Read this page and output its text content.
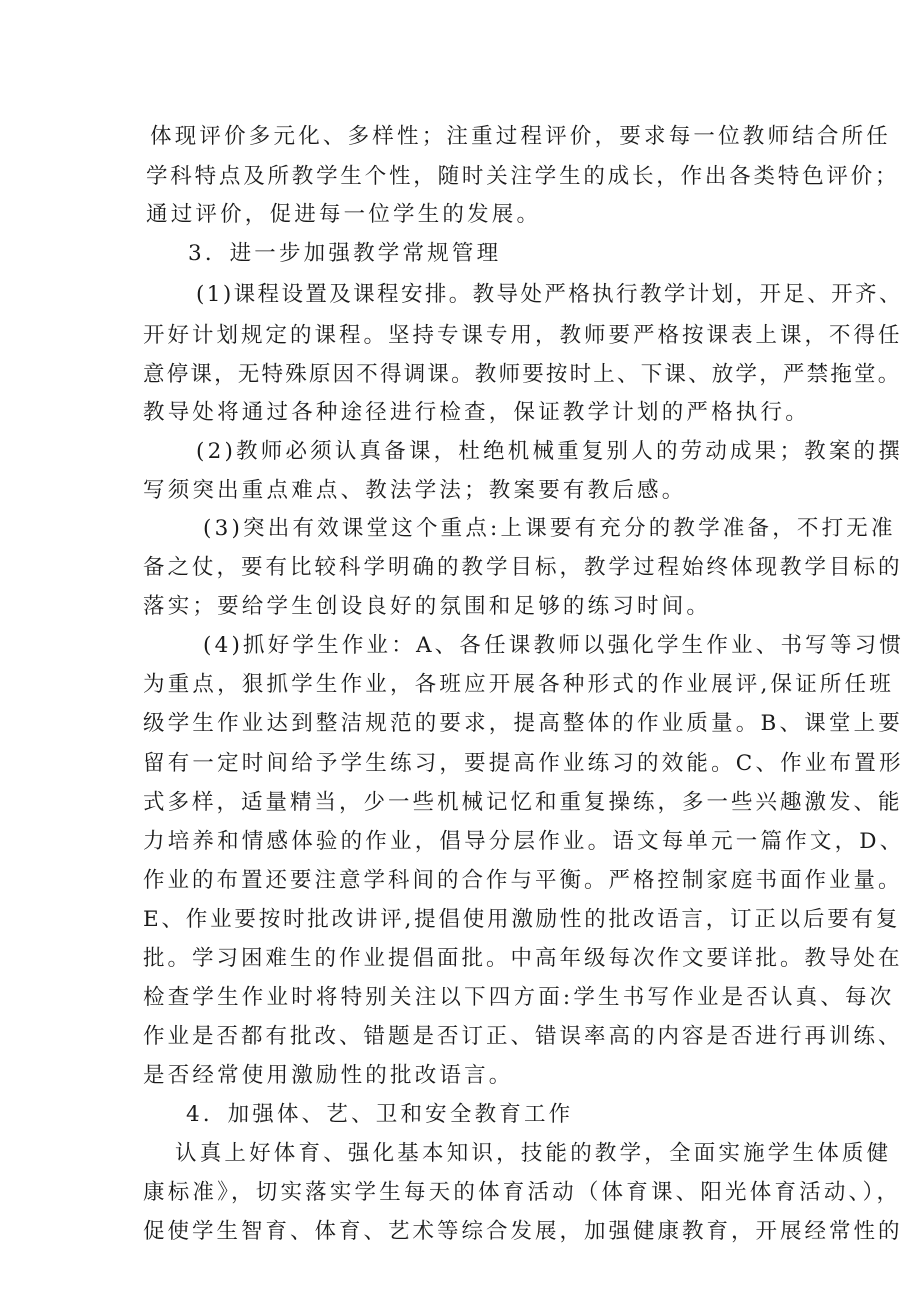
体现评价多元化、多样性；注重过程评价，要求每一位教师结合所任
学科特点及所教学生个性，随时关注学生的成长，作出各类特色评价；
通过评价，促进每一位学生的发展。
3．进一步加强教学常规管理
(1)课程设置及课程安排。教导处严格执行教学计划，开足、开齐、
开好计划规定的课程。坚持专课专用，教师要严格按课表上课，不得任
意停课，无特殊原因不得调课。教师要按时上、下课、放学，严禁拖堂。
教导处将通过各种途径进行检查，保证教学计划的严格执行。
(2)教师必须认真备课，杜绝机械重复别人的劳动成果；教案的撰
写须突出重点难点、教法学法；教案要有教后感。
(3)突出有效课堂这个重点:上课要有充分的教学准备，不打无准
备之仗，要有比较科学明确的教学目标，教学过程始终体现教学目标的
落实；要给学生创设良好的氛围和足够的练习时间。
(4)抓好学生作业：A、各任课教师以强化学生作业、书写等习惯
为重点，狠抓学生作业，各班应开展各种形式的作业展评,保证所任班
级学生作业达到整洁规范的要求，提高整体的作业质量。B、课堂上要
留有一定时间给予学生练习，要提高作业练习的效能。C、作业布置形
式多样，适量精当，少一些机械记忆和重复操练，多一些兴趣激发、能
力培养和情感体验的作业，倡导分层作业。语文每单元一篇作文，D、
作业的布置还要注意学科间的合作与平衡。严格控制家庭书面作业量。
E、作业要按时批改讲评,提倡使用激励性的批改语言，订正以后要有复
批。学习困难生的作业提倡面批。中高年级每次作文要详批。教导处在
检查学生作业时将特别关注以下四方面:学生书写作业是否认真、每次
作业是否都有批改、错题是否订正、错误率高的内容是否进行再训练、
是否经常使用激励性的批改语言。
4．加强体、艺、卫和安全教育工作
认真上好体育、强化基本知识，技能的教学，全面实施学生体质健
康标准》，切实落实学生每天的体育活动（体育课、阳光体育活动、），
促使学生智育、体育、艺术等综合发展，加强健康教育，开展经常性的
